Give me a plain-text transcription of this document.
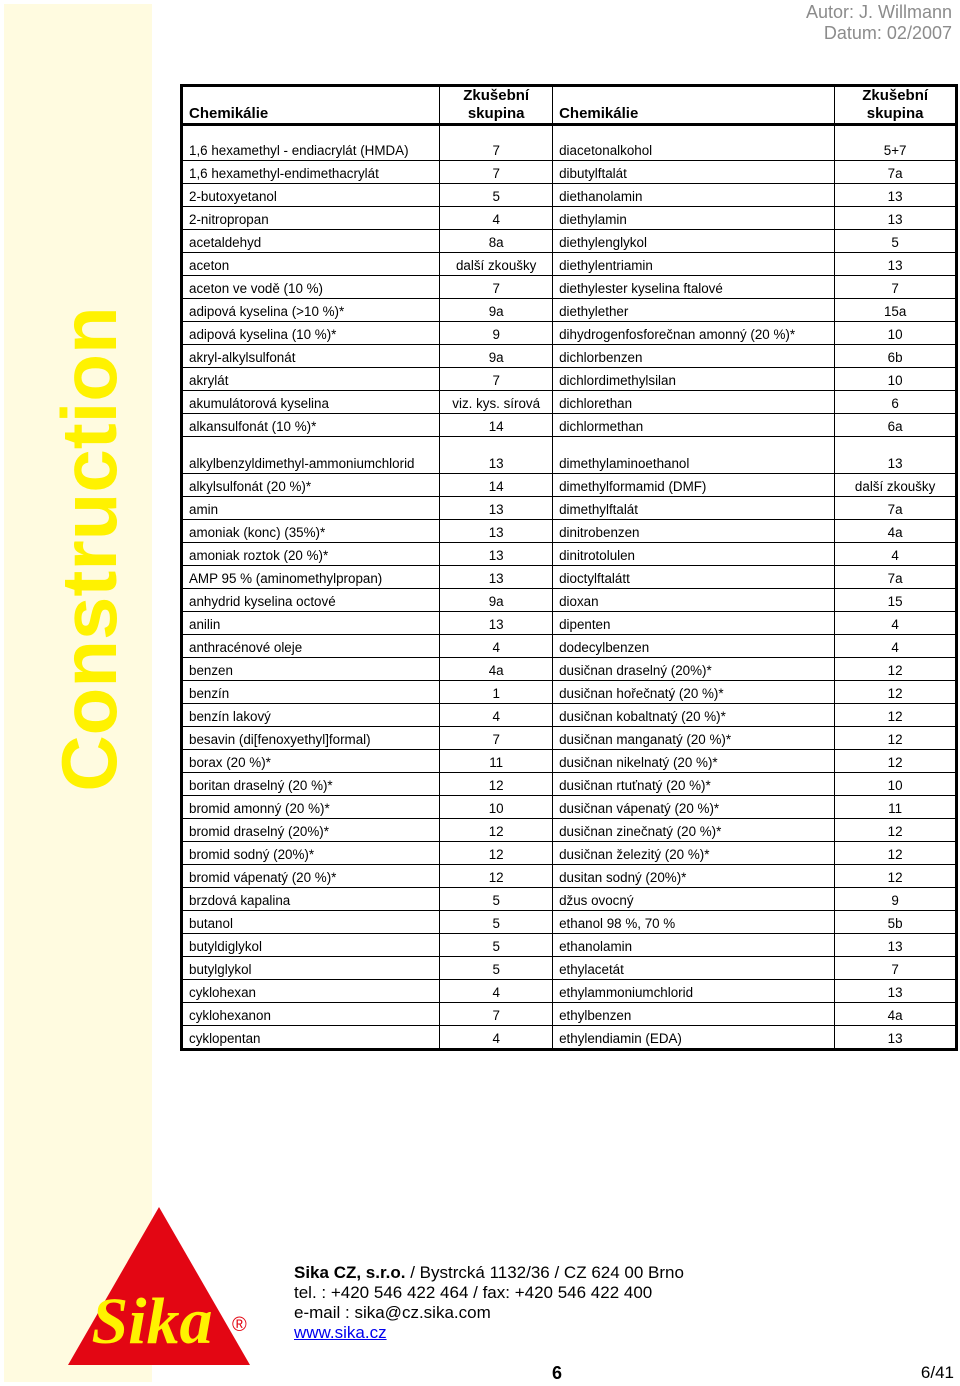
Construction
Autor: J. Willmann
Datum: 02/2007
Chemikálie	Zkušební skupina	Chemikálie	Zkušební skupina
1,6 hexamethyl - endiacrylát (HMDA)	7	diacetonalkohol	5+7
1,6 hexamethyl-endimethacrylát	7	dibutylftalát	7a
2-butoxyetanol	5	diethanolamin	13
2-nitropropan	4	diethylamin	13
acetaldehyd	8a	diethylenglykol	5
aceton	další zkoušky	diethylentriamin	13
aceton ve vodě (10 %)	7	diethylester kyselina ftalové	7
adipová kyselina (>10 %)*	9a	diethylether	15a
adipová kyselina (10 %)*	9	dihydrogenfosforečnan amonný (20 %)*	10
akryl-alkylsulfonát	9a	dichlorbenzen	6b
akrylát	7	dichlordimethylsilan	10
akumulátorová kyselina	viz. kys. sírová	dichlorethan	6
alkansulfonát (10 %)*	14	dichlormethan	6a
alkylbenzyldimethyl-ammoniumchlorid	13	dimethylaminoethanol	13
alkylsulfonát (20 %)*	14	dimethylformamid (DMF)	další zkoušky
amin	13	dimethylftalát	7a
amoniak (konc) (35%)*	13	dinitrobenzen	4a
amoniak roztok (20 %)*	13	dinitrotolulen	4
AMP 95 % (aminomethylpropan)	13	dioctylftalátt	7a
anhydrid kyselina octové	9a	dioxan	15
anilin	13	dipenten	4
anthracénové oleje	4	dodecylbenzen	4
benzen	4a	dusičnan draselný (20%)*	12
benzín	1	dusičnan hořečnatý (20 %)*	12
benzín lakový	4	dusičnan kobaltnatý (20 %)*	12
besavin (di[fenoxyethyl]formal)	7	dusičnan manganatý (20 %)*	12
borax (20 %)*	11	dusičnan nikelnatý (20 %)*	12
boritan draselný (20 %)*	12	dusičnan rtuťnatý (20 %)*	10
bromid amonný (20 %)*	10	dusičnan vápenatý (20 %)*	11
bromid draselný (20%)*	12	dusičnan zinečnatý (20 %)*	12
bromid sodný (20%)*	12	dusičnan železitý (20 %)*	12
bromid vápenatý (20 %)*	12	dusitan sodný (20%)*	12
brzdová kapalina	5	džus ovocný	9
butanol	5	ethanol 98 %, 70 %	5b
butyldiglykol	5	ethanolamin	13
butylglykol	5	ethylacetát	7
cyklohexan	4	ethylammoniumchlorid	13
cyklohexanon	7	ethylbenzen	4a
cyklopentan	4	ethylendiamin (EDA)	13
Sika ®
Sika CZ, s.r.o. / Bystrcká 1132/36 / CZ 624 00 Brno
tel. : +420 546 422 464 / fax: +420 546 422 400
e-mail : sika@cz.sika.com
www.sika.cz
6	6/41
